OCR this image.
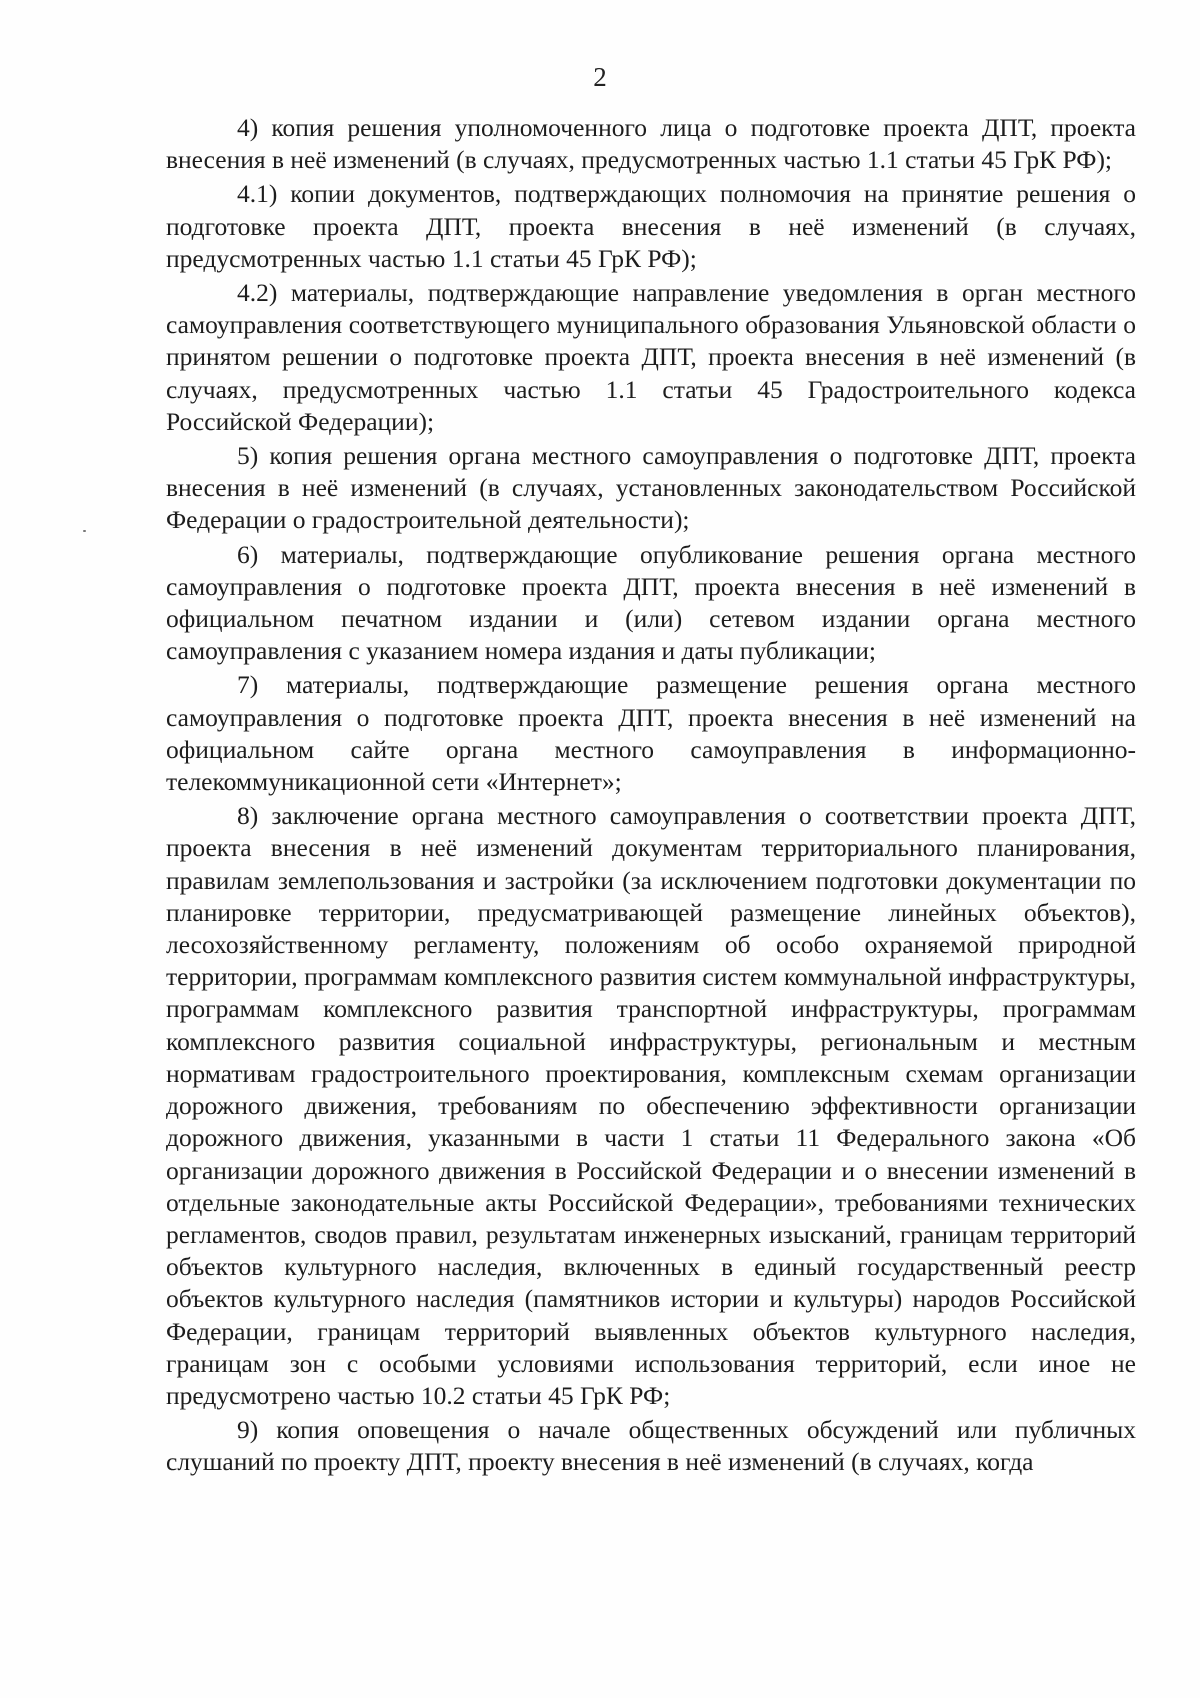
2

4) копия решения уполномоченного лица о подготовке проекта ДПТ, проекта внесения в неё изменений (в случаях, предусмотренных частью 1.1 статьи 45 ГрК РФ);

4.1) копии документов, подтверждающих полномочия на принятие решения о подготовке проекта ДПТ, проекта внесения в неё изменений (в случаях, предусмотренных частью 1.1 статьи 45 ГрК РФ);

4.2) материалы, подтверждающие направление уведомления в орган местного самоуправления соответствующего муниципального образования Ульяновской области о принятом решении о подготовке проекта ДПТ, проекта внесения в неё изменений (в случаях, предусмотренных частью 1.1 статьи 45 Градостроительного кодекса Российской Федерации);

5) копия решения органа местного самоуправления о подготовке ДПТ, проекта внесения в неё изменений (в случаях, установленных законодательством Российской Федерации о градостроительной деятельности);

6) материалы, подтверждающие опубликование решения органа местного самоуправления о подготовке проекта ДПТ, проекта внесения в неё изменений в официальном печатном издании и (или) сетевом издании органа местного самоуправления с указанием номера издания и даты публикации;

7) материалы, подтверждающие размещение решения органа местного самоуправления о подготовке проекта ДПТ, проекта внесения в неё изменений на официальном сайте органа местного самоуправления в информационно-телекоммуникационной сети «Интернет»;

8) заключение органа местного самоуправления о соответствии проекта ДПТ, проекта внесения в неё изменений документам территориального планирования, правилам землепользования и застройки (за исключением подготовки документации по планировке территории, предусматривающей размещение линейных объектов), лесохозяйственному регламенту, положениям об особо охраняемой природной территории, программам комплексного развития систем коммунальной инфраструктуры, программам комплексного развития транспортной инфраструктуры, программам комплексного развития социальной инфраструктуры, региональным и местным нормативам градостроительного проектирования, комплексным схемам организации дорожного движения, требованиям по обеспечению эффективности организации дорожного движения, указанными в части 1 статьи 11 Федерального закона «Об организации дорожного движения в Российской Федерации и о внесении изменений в отдельные законодательные акты Российской Федерации», требованиями технических регламентов, сводов правил, результатам инженерных изысканий, границам территорий объектов культурного наследия, включенных в единый государственный реестр объектов культурного наследия (памятников истории и культуры) народов Российской Федерации, границам территорий выявленных объектов культурного наследия, границам зон с особыми условиями использования территорий, если иное не предусмотрено частью 10.2 статьи 45 ГрК РФ;

9) копия оповещения о начале общественных обсуждений или публичных слушаний по проекту ДПТ, проекту внесения в неё изменений (в случаях, когда
